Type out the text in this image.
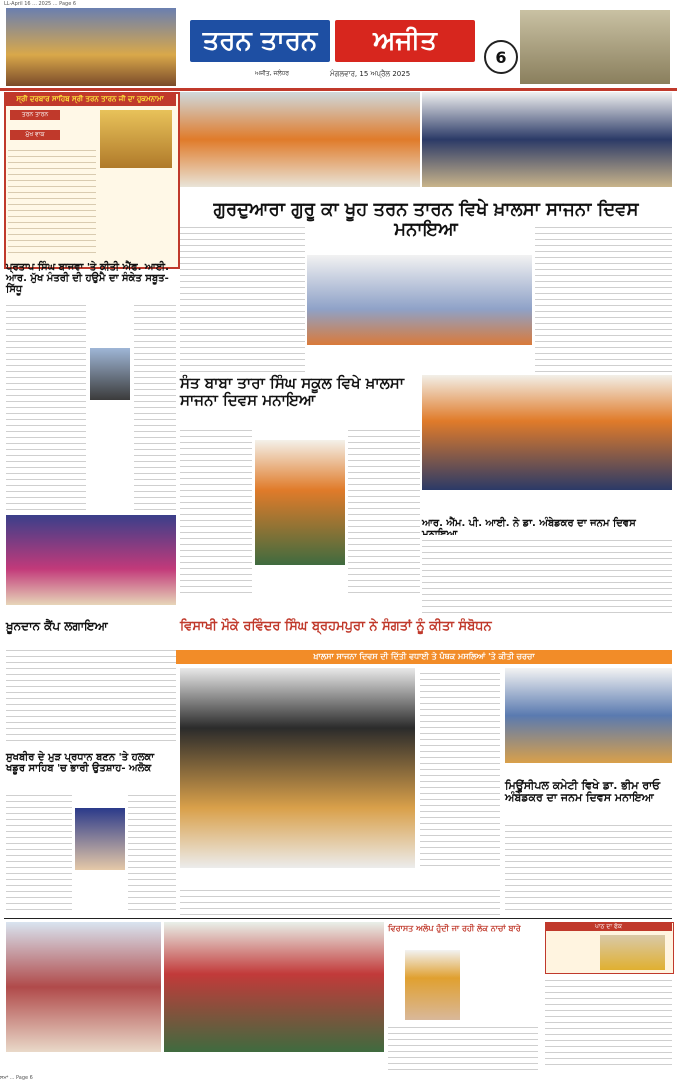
LL-April 16 ... 2025 ... Page 6
ਤਰਨ ਤਾਰਨ	ਅਜੀਤ
6
ਅਜੀਤ, ਜਲੰਧਰ	ਮੰਗਲਵਾਰ, 15 ਅਪ੍ਰੈਲ 2025
ਸ੍ਰੀ ਦਰਬਾਰ ਸਾਹਿਬ ਸ੍ਰੀ ਤਰਨ ਤਾਰਨ ਜੀ ਦਾ ਹੁਕਮਨਾਮਾ
ਤਰਨ ਤਾਰਨ
ਮੁੱਖ ਵਾਕ
ਗੁਰਦੁਆਰਾ ਗੁਰੂ ਕਾ ਖੂਹ ਤਰਨ ਤਾਰਨ ਵਿਖੇ ਖ਼ਾਲਸਾ ਸਾਜਨਾ ਦਿਵਸ ਮਨਾਇਆ
ਪ੍ਰਤਾਪ ਸਿੰਘ ਬਾਜਵਾ 'ਤੇ ਕੀਤੀ ਐੱਫ. ਆਈ. ਆਰ. ਮੁੱਖ ਮੰਤਰੀ ਦੀ ਹਉਮੈ ਦਾ ਸੰਕੇਤ ਸਬੂਤ- ਸਿੱਧੂ
ਖ਼ੂਨਦਾਨ ਕੈਂਪ ਲਗਾਇਆ
ਸੁਖਬੀਰ ਦੇ ਮੁੜ ਪ੍ਰਧਾਨ ਬਣਨ 'ਤੇ ਹਲਕਾ ਖਡੂਰ ਸਾਹਿਬ 'ਚ ਭਾਰੀ ਉਤਸ਼ਾਹ- ਅਲੋਕ
ਸੰਤ ਬਾਬਾ ਤਾਰਾ ਸਿੰਘ ਸਕੂਲ ਵਿਖੇ ਖ਼ਾਲਸਾ ਸਾਜਨਾ ਦਿਵਸ ਮਨਾਇਆ
ਵਿਸਾਖੀ ਮੌਕੇ ਰਵਿੰਦਰ ਸਿੰਘ ਬ੍ਰਹਮਪੁਰਾ ਨੇ ਸੰਗਤਾਂ ਨੂੰ ਕੀਤਾ ਸੰਬੋਧਨ
ਖ਼ਾਲਸਾ ਸਾਜਨਾ ਦਿਵਸ ਦੀ ਦਿੱਤੀ ਵਧਾਈ ਤੇ ਪੰਥਕ ਮਸਲਿਆਂ 'ਤੇ ਕੀਤੀ ਚਰਚਾ
ਆਰ. ਐੱਮ. ਪੀ. ਆਈ. ਨੇ ਡਾ. ਅੰਬੇਡਕਰ ਦਾ ਜਨਮ ਦਿਵਸ
ਮਿਊਂਸੀਪਲ ਕਮੇਟੀ ਵਿਖੇ ਡਾ. ਭੀਮ ਰਾਓ ਅੰਬੇਡਕਰ ਦਾ ਜਨਮ ਦਿਵਸ ਮਨਾਇਆ
ਵਿਰਾਸਤ ਅਲੋਪ ਹੁੰਦੀ ਜਾ ਰਹੀ ਲੋਕ ਨਾਚਾਂ ਬਾਰੇ	ਪਾਠ ਦਾ ਫੋਕ
ਸਮਾਂ ... Page 6
